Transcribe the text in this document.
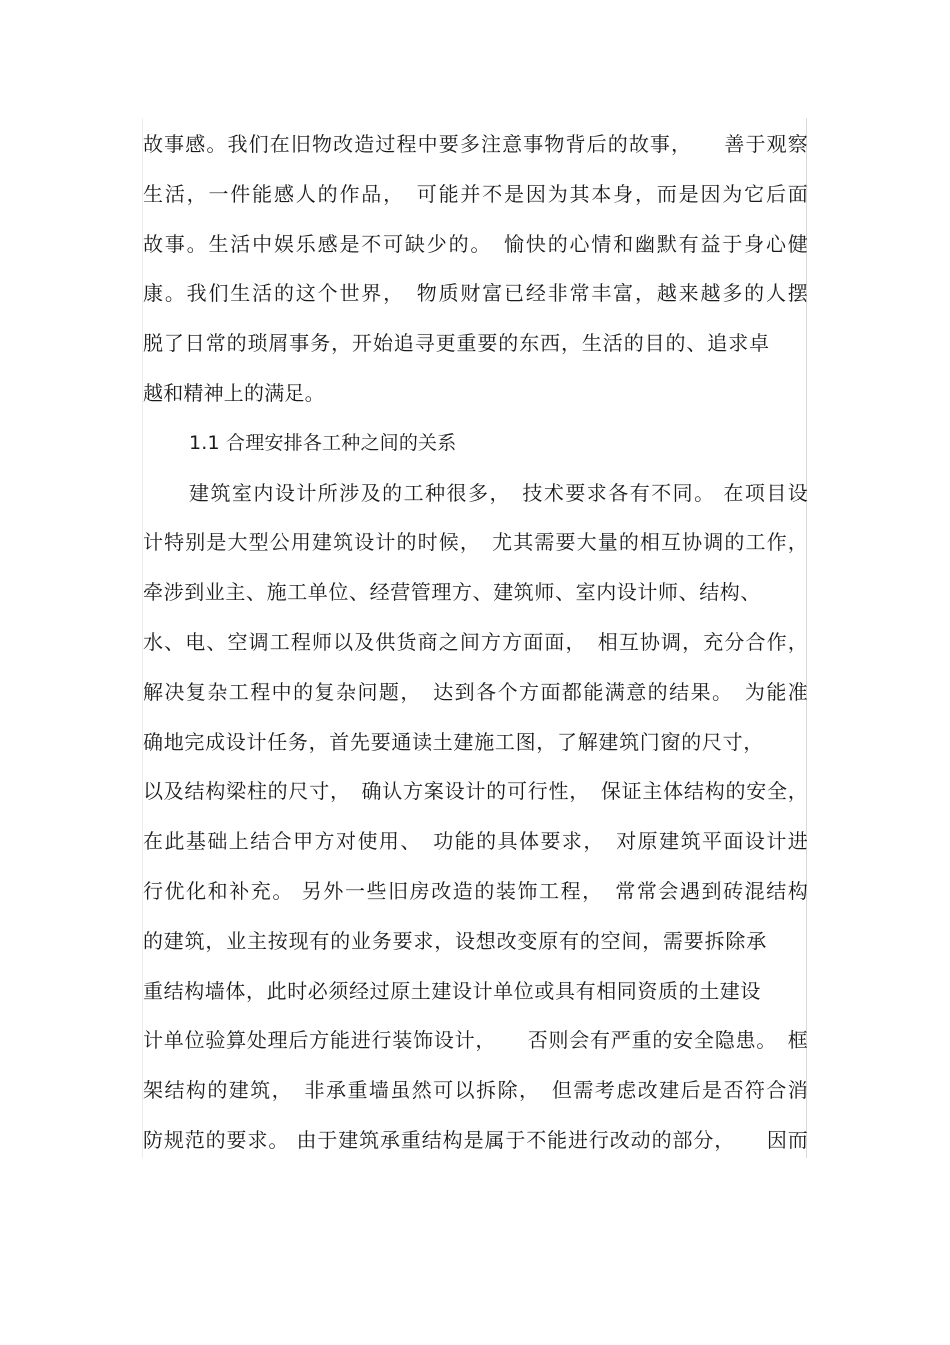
故事感。我们在旧物改造过程中要多注意事物背后的故事，　　善于观察
生活，一件能感人的作品，　可能并不是因为其本身，而是因为它后面
故事。生活中娱乐感是不可缺少的。　愉快的心情和幽默有益于身心健
康。我们生活的这个世界，　物质财富已经非常丰富，越来越多的人摆
脱了日常的琐屑事务，开始追寻更重要的东西，生活的目的、追求卓
越和精神上的满足。
1.1 合理安排各工种之间的关系
建筑室内设计所涉及的工种很多，　技术要求各有不同。 在项目设
计特别是大型公用建筑设计的时候，　尤其需要大量的相互协调的工作，
牵涉到业主、施工单位、经营管理方、建筑师、室内设计师、结构、
水、电、空调工程师以及供货商之间方方面面，　相互协调，充分合作，
解决复杂工程中的复杂问题，　达到各个方面都能满意的结果。　为能准
确地完成设计任务，首先要通读土建施工图，了解建筑门窗的尺寸，
以及结构梁柱的尺寸，　确认方案设计的可行性，　保证主体结构的安全，
在此基础上结合甲方对使用、　功能的具体要求，　对原建筑平面设计进
行优化和补充。 另外一些旧房改造的装饰工程，　常常会遇到砖混结构
的建筑，业主按现有的业务要求，设想改变原有的空间，需要拆除承
重结构墙体，此时必须经过原土建设计单位或具有相同资质的土建设
计单位验算处理后方能进行装饰设计，　　否则会有严重的安全隐患。　框
架结构的建筑，　非承重墙虽然可以拆除，　但需考虑改建后是否符合消
防规范的要求。 由于建筑承重结构是属于不能进行改动的部分，　　因而
